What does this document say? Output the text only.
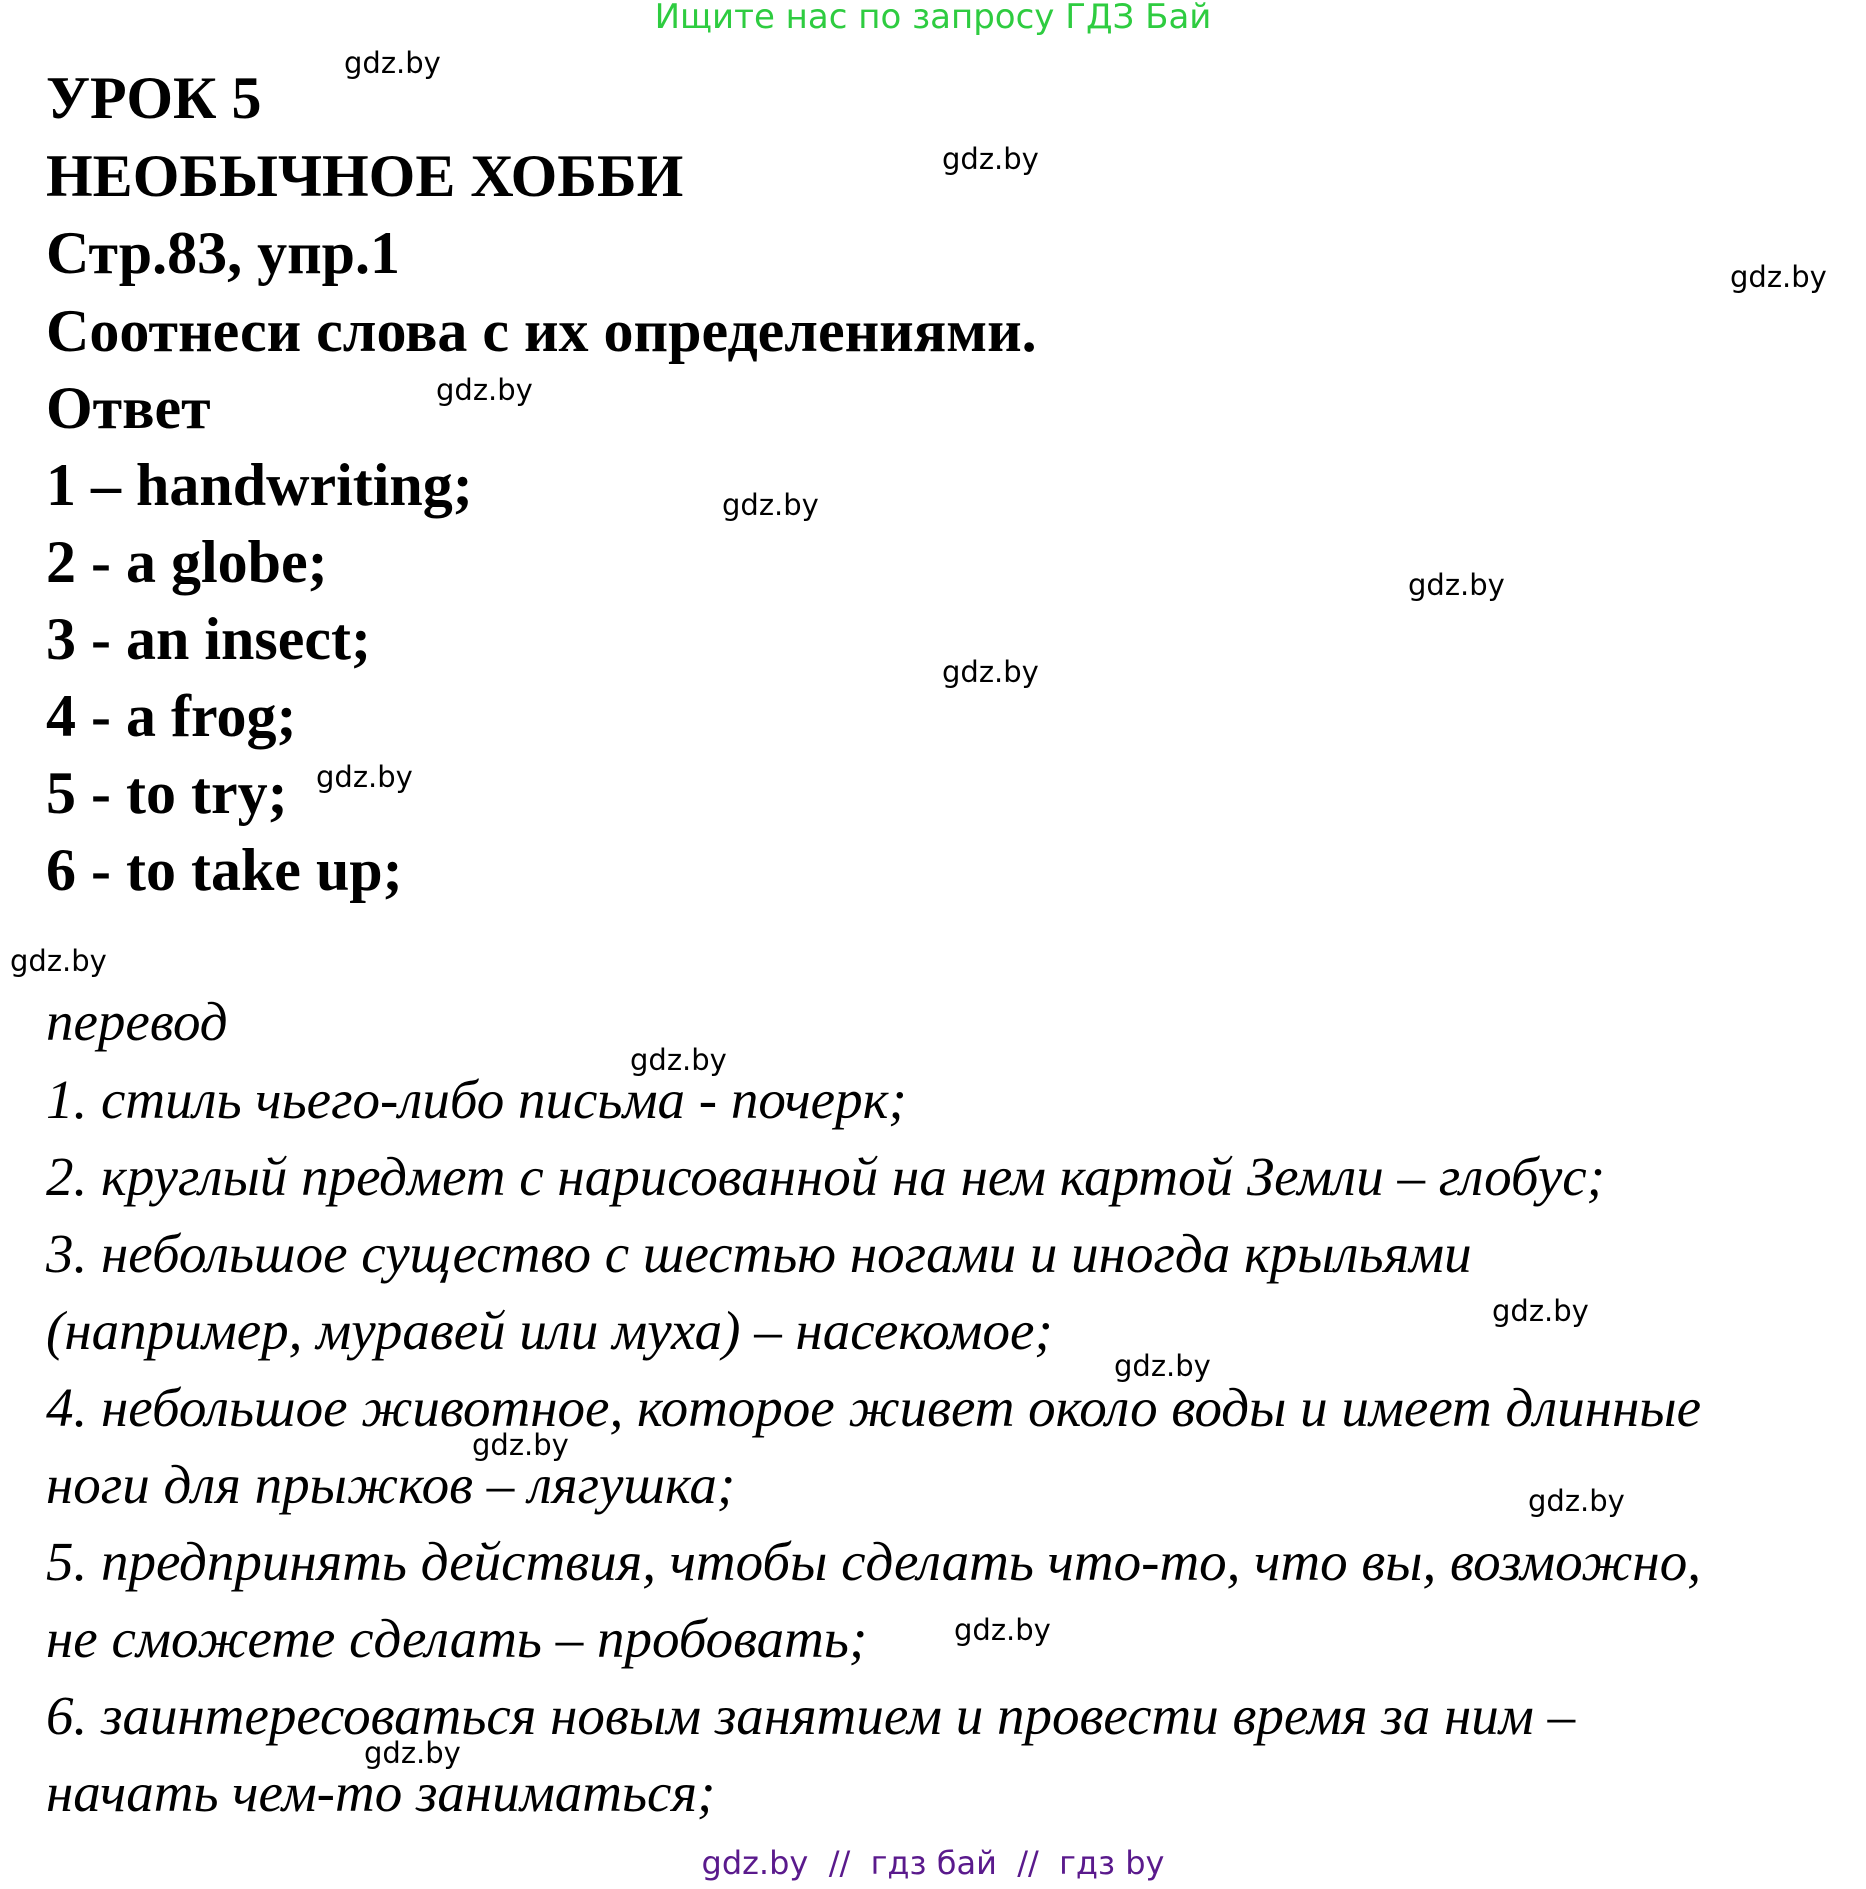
Ищите нас по запросу ГДЗ Бай
УРОК 5
НЕОБЫЧНОЕ ХОББИ
Стр.83, упр.1
Соотнеси слова с их определениями.
Ответ
1 – handwriting;
2 - a globe;
3 - an insect;
4 - a frog;
5 - to try;
6 - to take up;
перевод
1. стиль чьего-либо письма - почерк;
2. круглый предмет с нарисованной на нем картой Земли – глобус;
3. небольшое существо с шестью ногами и иногда крыльями
(например, муравей или муха) – насекомое;
4. небольшое животное, которое живет около воды и имеет длинные
ноги для прыжков – лягушка;
5. предпринять действия, чтобы сделать что-то, что вы, возможно,
не сможете сделать – пробовать;
6. заинтересоваться новым занятием и провести время за ним –
начать чем-то заниматься;
gdz.by
gdz.by
gdz.by
gdz.by
gdz.by
gdz.by
gdz.by
gdz.by
gdz.by
gdz.by
gdz.by
gdz.by
gdz.by
gdz.by
gdz.by
gdz.by
gdz.by  //  гдз бай  //  гдз by
